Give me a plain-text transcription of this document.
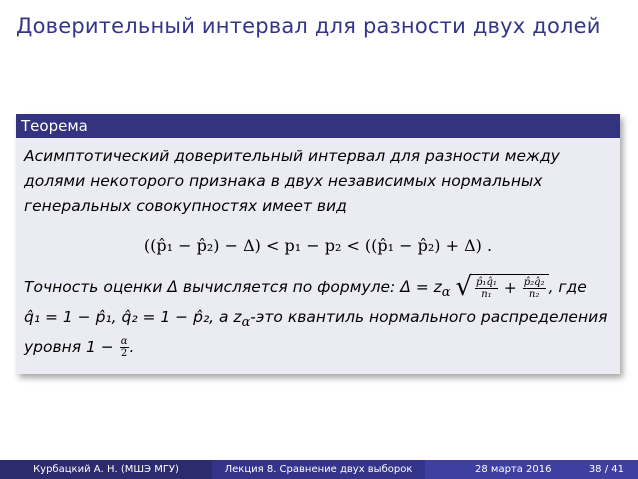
Доверительный интервал для разности двух долей
Теорема
Асимптотический доверительный интервал для разности между долями некоторого признака в двух независимых нормальных генеральных совокупностях имеет вид
((p̂₁ − p̂₂) − Δ) < p₁ − p₂ < ((p̂₁ − p̂₂) + Δ) .
Точность оценки Δ вычисляется по формуле: $\Delta = z_\alpha$ √ $\frac{\text{p̂₁q̂₁}}{\text{n₁}} + \frac{\text{p̂₂q̂₂}}{\text{n₂}}$ , где
q̂₁ = 1 − p̂₁, q̂₂ = 1 − p̂₂, а $z_\alpha$-это квантиль нормального распределения
уровня $1 - \frac{\alpha}{2}$ .
Курбацкий А. Н. (МШЭ МГУ)	Лекция 8. Сравнение двух выборок	28 марта 2016	38 / 41
